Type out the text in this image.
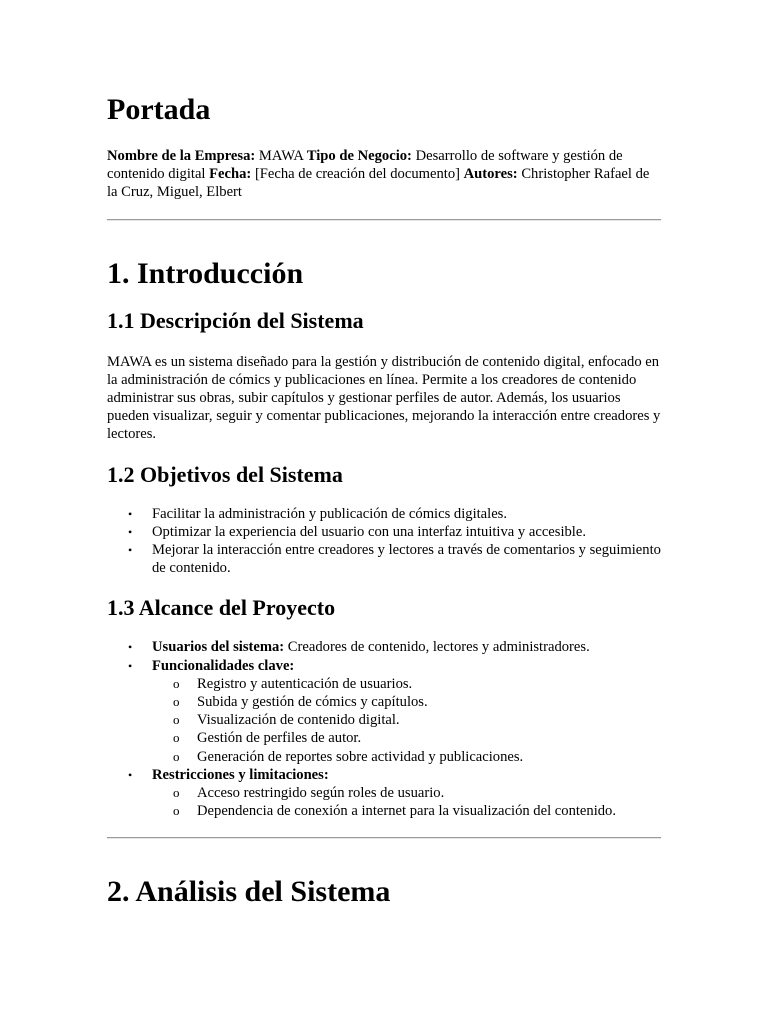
Portada

Nombre de la Empresa: MAWA Tipo de Negocio: Desarrollo de software y gestión de contenido digital Fecha: [Fecha de creación del documento] Autores: Christopher Rafael de la Cruz, Miguel, Elbert

1. Introducción
1.1 Descripción del Sistema

MAWA es un sistema diseñado para la gestión y distribución de contenido digital, enfocado en la administración de cómics y publicaciones en línea. Permite a los creadores de contenido administrar sus obras, subir capítulos y gestionar perfiles de autor. Además, los usuarios pueden visualizar, seguir y comentar publicaciones, mejorando la interacción entre creadores y lectores.

1.2 Objetivos del Sistema
• Facilitar la administración y publicación de cómics digitales.
• Optimizar la experiencia del usuario con una interfaz intuitiva y accesible.
• Mejorar la interacción entre creadores y lectores a través de comentarios y seguimiento de contenido.
1.3 Alcance del Proyecto
• Usuarios del sistema: Creadores de contenido, lectores y administradores.
• Funcionalidades clave:
o Registro y autenticación de usuarios.
o Subida y gestión de cómics y capítulos.
o Visualización de contenido digital.
o Gestión de perfiles de autor.
o Generación de reportes sobre actividad y publicaciones.
• Restricciones y limitaciones:
o Acceso restringido según roles de usuario.
o Dependencia de conexión a internet para la visualización del contenido.
2. Análisis del Sistema
